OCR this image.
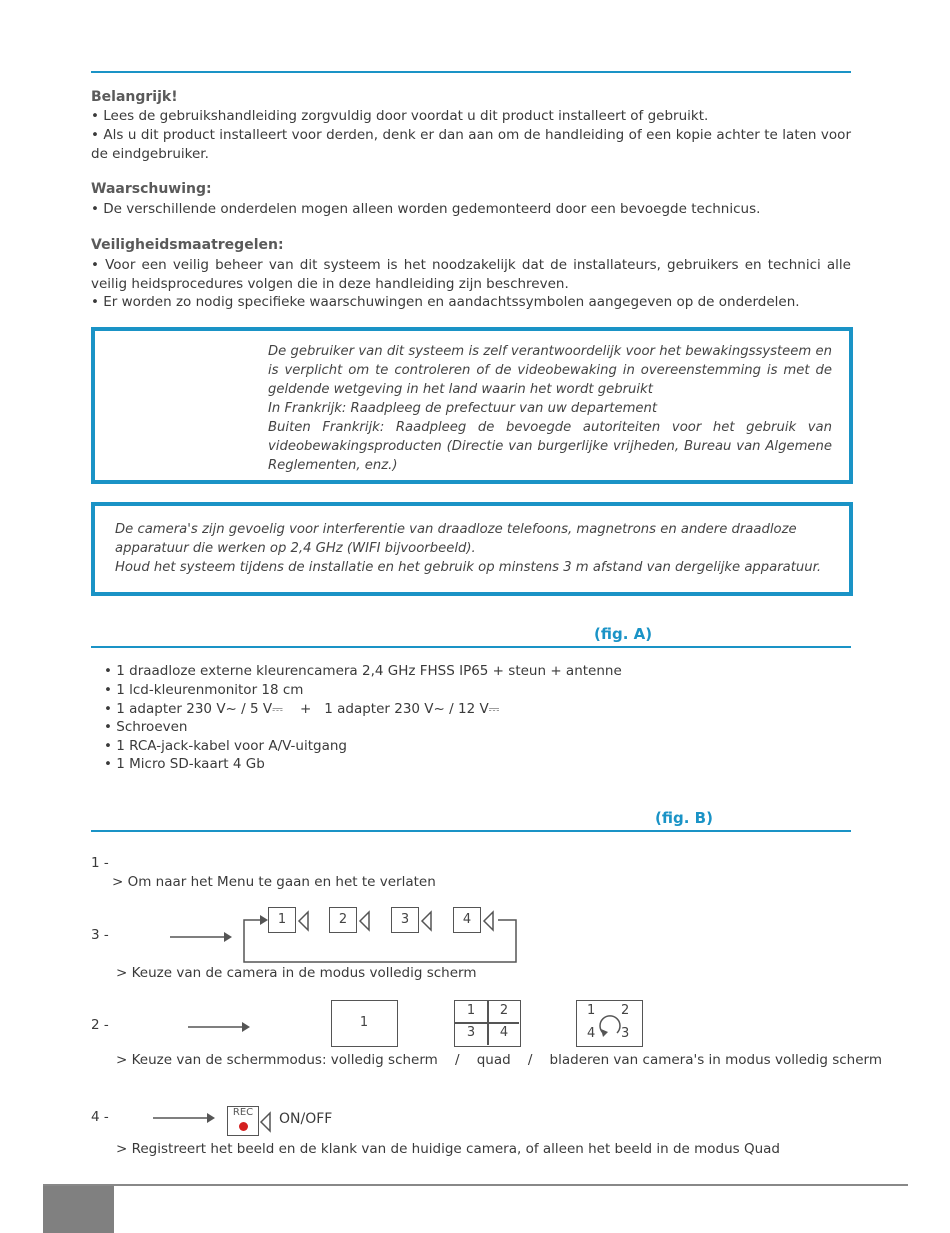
Belangrijk!
• Lees de gebruikshandleiding zorgvuldig door voordat u dit product installeert of gebruikt.
• Als u dit product installeert voor derden, denk er dan aan om de handleiding of een kopie achter te laten voor de eindgebruiker.
Waarschuwing:
• De verschillende onderdelen mogen alleen worden gedemonteerd door een bevoegde technicus.
Veiligheidsmaatregelen:
• Voor een veilig beheer van dit systeem is het noodzakelijk dat de installateurs, gebruikers en technici alle veilig heidsprocedures volgen die in deze handleiding zijn beschreven.
• Er worden zo nodig specifieke waarschuwingen en aandachtssymbolen aangegeven op de onderdelen.
De gebruiker van dit systeem is zelf verantwoordelijk voor het bewakingssysteem en is verplicht om te controleren of de videobewaking in overeenstemming is met de geldende wetgeving in het land waarin het wordt gebruikt
In Frankrijk: Raadpleeg de prefectuur van uw departement
Buiten Frankrijk: Raadpleeg de bevoegde autoriteiten voor het gebruik van videobewakingsproducten (Directie van burgerlijke vrijheden, Bureau van Algemene Reglementen, enz.)
De camera's zijn gevoelig voor interferentie van draadloze telefoons, magnetrons en andere draadloze apparatuur die werken op 2,4 GHz (WIFI bijvoorbeeld).
Houd het systeem tijdens de installatie en het gebruik op minstens 3 m afstand van dergelijke apparatuur.
(fig. A)
• 1 draadloze externe kleurencamera 2,4 GHz FHSS IP65 + steun + antenne
• 1 lcd-kleurenmonitor 18 cm
• 1 adapter 230 V~ / 5 V⎓    +   1 adapter 230 V~ / 12 V⎓
• Schroeven
• 1 RCA-jack-kabel voor A/V-uitgang
• 1 Micro SD-kaart 4 Gb
(fig. B)
1 -
> Om naar het Menu te gaan en het te verlaten
3 -
1	2	3	4
> Keuze van de camera in de modus volledig scherm
2 -	1
1	2
3	4
1 2
4 3
> Keuze van de schermmodus: volledig scherm    /    quad    /    bladeren van camera's in modus volledig scherm
4 -	REC ON/OFF
> Registreert het beeld en de klank van de huidige camera, of alleen het beeld in de modus Quad
